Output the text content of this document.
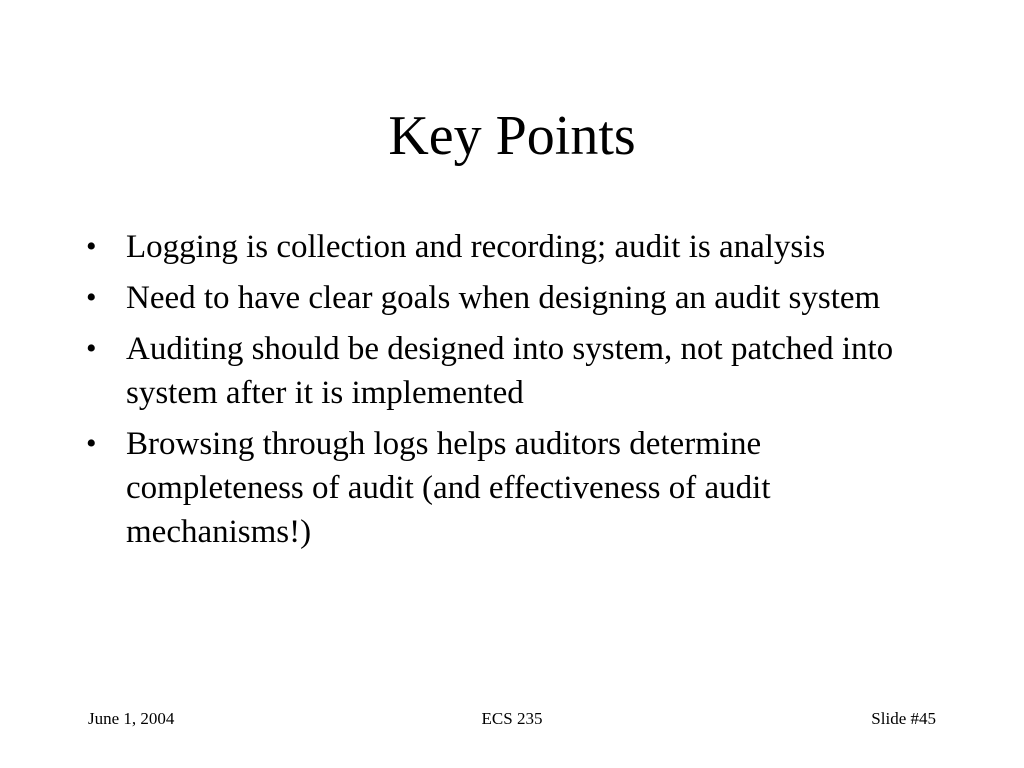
Key Points
• Logging is collection and recording; audit is analysis
• Need to have clear goals when designing an audit system
• Auditing should be designed into system, not patched into system after it is implemented
• Browsing through logs helps auditors determine completeness of audit (and effectiveness of audit mechanisms!)
June 1, 2004	ECS 235	Slide #45
